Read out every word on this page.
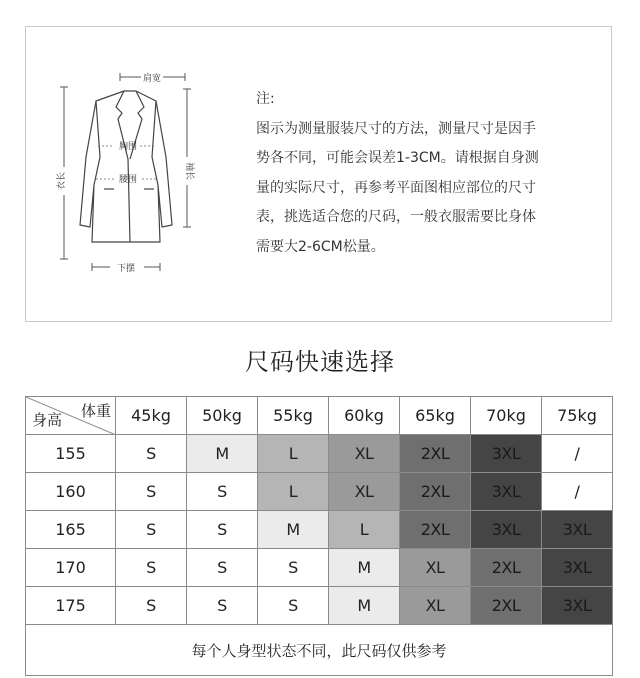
肩宽
衣长
袖长
胸围
腰围
下摆

注:

图示为测量服装尺寸的方法，测量尺寸是因手

势各不同，可能会误差1-3CM。请根据自身测

量的实际尺寸，再参考平面图相应部位的尺寸

表，挑选适合您的尺码，一般衣服需要比身体

需要大2-6CM松量。

尺码快速选择
体重
身高	45kg	50kg	55kg	60kg	65kg	70kg	75kg
155	S	M	L	XL	2XL	3XL	/
160	S	S	L	XL	2XL	3XL	/
165	S	S	M	L	2XL	3XL	3XL
170	S	S	S	M	XL	2XL	3XL
175	S	S	S	M	XL	2XL	3XL
每个人身型状态不同，此尺码仅供参考							
